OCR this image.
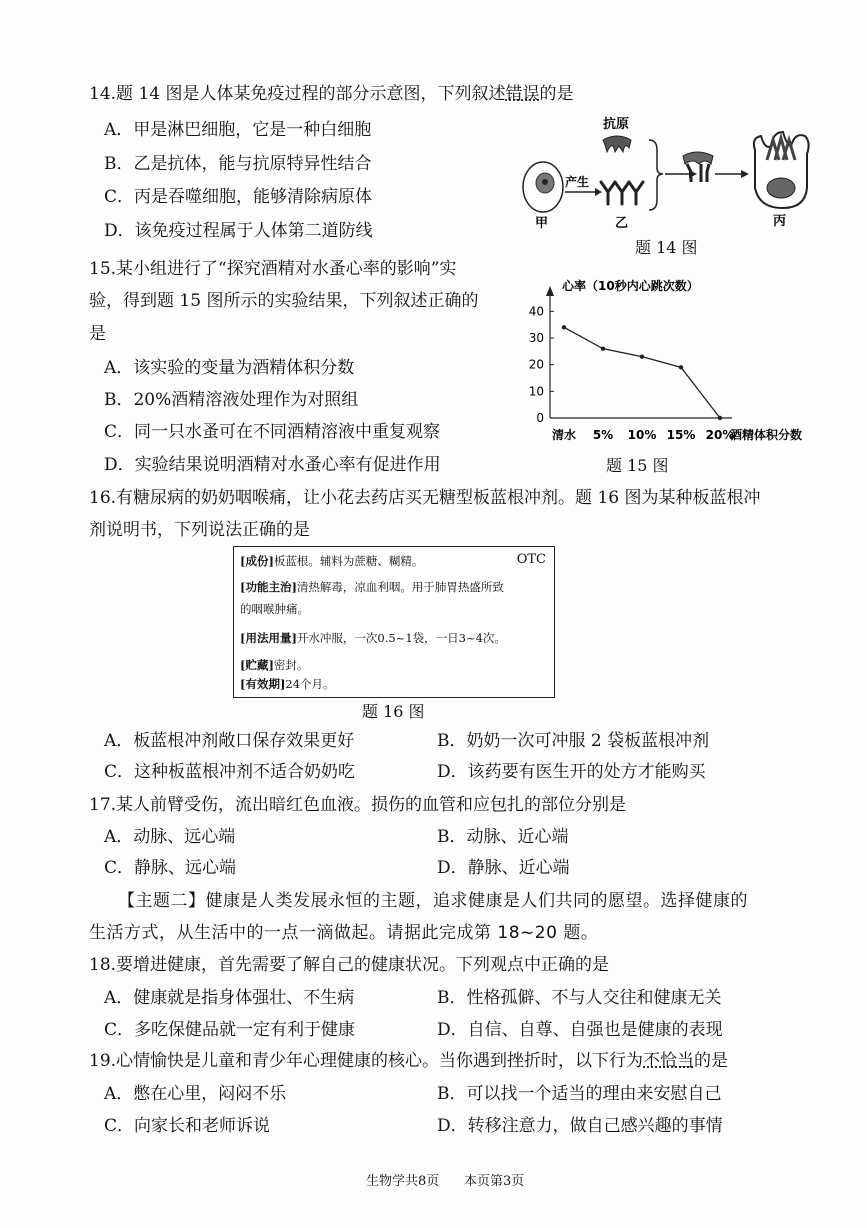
14.题 14 图是人体某免疫过程的部分示意图，下列叙述错误的是
A．甲是淋巴细胞，它是一种白细胞
B．乙是抗体，能与抗原特异性结合
C．丙是吞噬细胞，能够清除病原体
D．该免疫过程属于人体第二道防线
抗原
甲
产生
乙	丙
题 14 图
15.某小组进行了“探究酒精对水蚤心率的影响”实
验，得到题 15 图所示的实验结果，下列叙述正确的
是
A．该实验的变量为酒精体积分数
B．20%酒精溶液处理作为对照组
C．同一只水蚤可在不同酒精溶液中重复观察
D．实验结果说明酒精对水蚤心率有促进作用
心率（10秒内心跳次数）
酒精体积分数
0
10
20
30
40
清水 5% 10% 15% 20%
题 15 图
16.有糖尿病的奶奶咽喉痛，让小花去药店买无糖型板蓝根冲剂。题 16 图为某种板蓝根冲
剂说明书，下列说法正确的是
[成份]板蓝根。辅料为蔗糖、糊精。	OTC
[功能主治]清热解毒，凉血利咽。用于肺胃热盛所致
的咽喉肿痛。
[用法用量]开水冲服，一次0.5~1袋，一日3~4次。
[贮藏]密封。
[有效期]24个月。
题 16 图
A．板蓝根冲剂敞口保存效果更好	B．奶奶一次可冲服 2 袋板蓝根冲剂
C．这种板蓝根冲剂不适合奶奶吃	D．该药要有医生开的处方才能购买
17.某人前臂受伤，流出暗红色血液。损伤的血管和应包扎的部位分别是
A．动脉、远心端	B．动脉、近心端
C．静脉、远心端	D．静脉、近心端
【主题二】健康是人类发展永恒的主题，追求健康是人们共同的愿望。选择健康的
生活方式，从生活中的一点一滴做起。请据此完成第 18~20 题。
18.要增进健康，首先需要了解自己的健康状况。下列观点中正确的是
A．健康就是指身体强壮、不生病	B．性格孤僻、不与人交往和健康无关
C．多吃保健品就一定有利于健康	D．自信、自尊、自强也是健康的表现
19.心情愉快是儿童和青少年心理健康的核心。当你遇到挫折时，以下行为不恰当的是
A．憋在心里，闷闷不乐	B．可以找一个适当的理由来安慰自己
C．向家长和老师诉说	D．转移注意力，做自己感兴趣的事情
生物学共8页 本页第3页
